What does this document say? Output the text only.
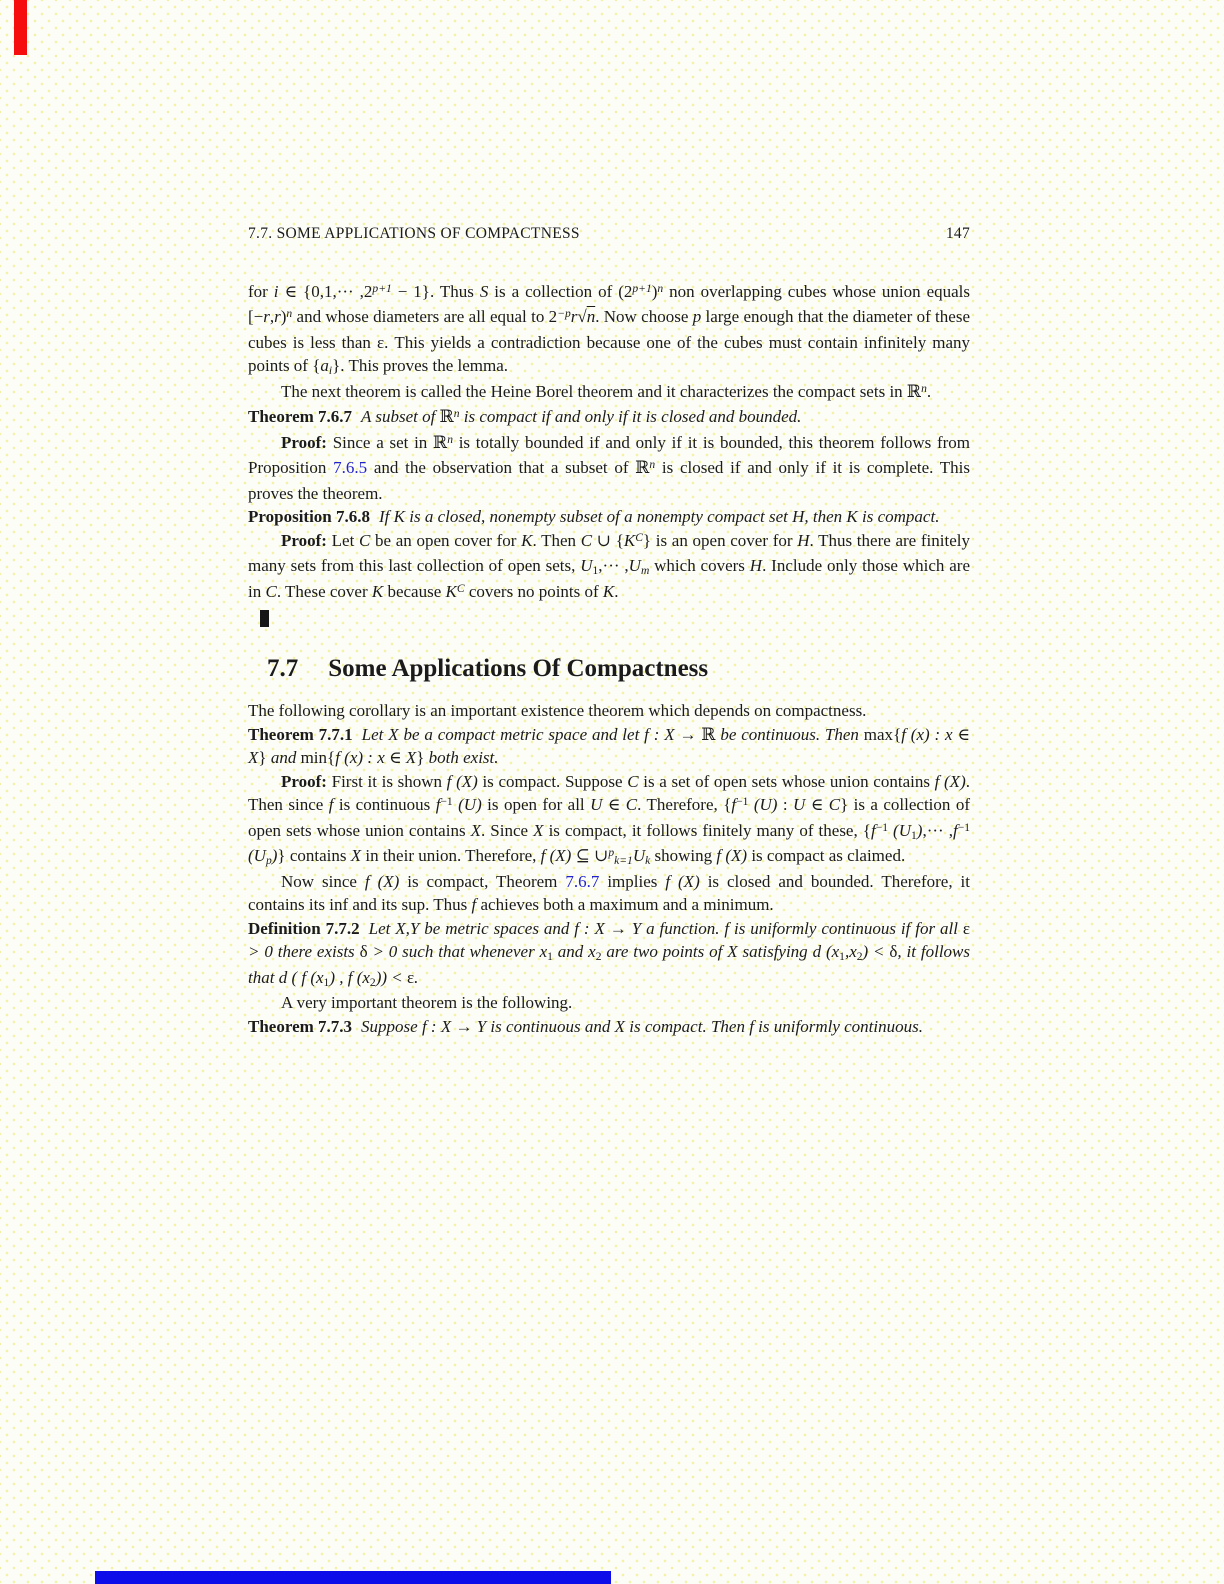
7.7. SOME APPLICATIONS OF COMPACTNESS	147

for i ∈ $\{0,1,\cdot\cdot\cdot ,2^{p+1} - 1\}$. Thus S is a collection of $(2^{p+1})^n$ non overlapping cubes whose union equals [−r,r)$^n$ and whose diameters are all equal to $2^{-p}r√n$. Now choose p large enough that the diameter of these cubes is less than ε. This yields a contradiction because one of the cubes must contain infinitely many points of {ai}. This proves the lemma.

The next theorem is called the Heine Borel theorem and it characterizes the compact sets in ℝ$^n$.

Theorem 7.6.7 A subset of ℝ$^n$ is compact if and only if it is closed and bounded.

Proof: Since a set in ℝ$^n$ is totally bounded if and only if it is bounded, this theorem follows from Proposition 7.6.5 and the observation that a subset of ℝ$^n$ is closed if and only if it is complete. This proves the theorem.

Proposition 7.6.8 If K is a closed, nonempty subset of a nonempty compact set H, then K is compact.

Proof: Let C be an open cover for K. Then C ∪ $\{K^C\}$ is an open cover for H. Thus there are finitely many sets from this last collection of open sets, U1,··· ,Um which covers H. Include only those which are in C. These cover K because $K^C$ covers no points of K.

7.7 Some Applications Of Compactness

The following corollary is an important existence theorem which depends on compactness.

Theorem 7.7.1 Let X be a compact metric space and let f : X → ℝ be continuous. Then max{f (x) : x ∈ X} and min{f (x) : x ∈ X} both exist.

Proof: First it is shown f (X) is compact. Suppose C is a set of open sets whose union contains f (X). Then since f is continuous $f^{-1}$ (U) is open for all U ∈ C. Therefore, {$f^{-1}$ (U) : U ∈ C} is a collection of open sets whose union contains X. Since X is compact, it follows finitely many of these, {$f^{-1}$ $(U1),\cdot\cdot\cdot ,f^{-1}$ (Up)} contains X in their union. Therefore, f (X) ⊆ ∪$^p$k=1Uk showing f (X) is compact as claimed.

Now since f (X) is compact, Theorem 7.6.7 implies f (X) is closed and bounded. Therefore, it contains its inf and its sup. Thus f achieves both a maximum and a minimum.

Definition 7.7.2 Let X,Y be metric spaces and f : X → Y a function. f is uniformly continuous if for all ε > 0 there exists δ > 0 such that whenever x1 and x2 are two points of X satisfying d (x1,x2) < δ, it follows that d ( f (x1) , f (x2)) < ε.

A very important theorem is the following.

Theorem 7.7.3 Suppose f : X → Y is continuous and X is compact. Then f is uniformly continuous.
